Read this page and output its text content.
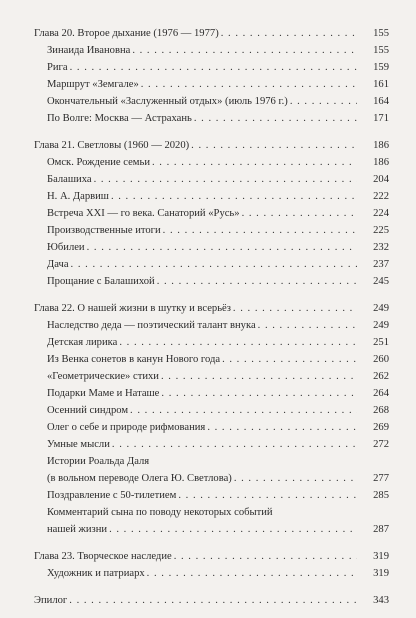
Глава 20. Второе дыхание (1976 — 1977) . . .	155
Зинаида Ивановна . . .	155
Рига . . .	159
Маршрут «Земгале» . . .	161
Окончательный «Заслуженный отдых» (июль 1976 г.) . . .	164
По Волге: Москва — Астрахань . . .	171
Глава 21. Светловы (1960 — 2020) . . .	186
Омск. Рождение семьи . . .	186
Балашиха . . .	204
Н. А. Дарвиш . . .	222
Встреча XXI — го века. Санаторий «Русь» . . .	224
Производственные итоги . . .	225
Юбилеи . . .	232
Дача . . .	237
Прощание с Балашихой . . .	245
Глава 22. О нашей жизни в шутку и всерьёз . . .	249
Наследство деда — поэтический талант внука . . .	249
Детская лирика . . .	251
Из Венка сонетов в канун Нового года . . .	260
«Геометрические» стихи . . .	262
Подарки Маме и Наташе . . .	264
Осенний синдром . . .	268
Олег о себе и природе рифмования . . .	269
Умные мысли . . .	272
Истории Роальда Даля
(в вольном переводе Олега Ю. Светлова) . . .	277
Поздравление с 50-тилетием . . .	285
Комментарий сына по поводу некоторых событий
нашей жизни . . .	287
Глава 23. Творческое наследие . . .	319
Художник и патриарх . . .	319
Эпилог . . .	343
